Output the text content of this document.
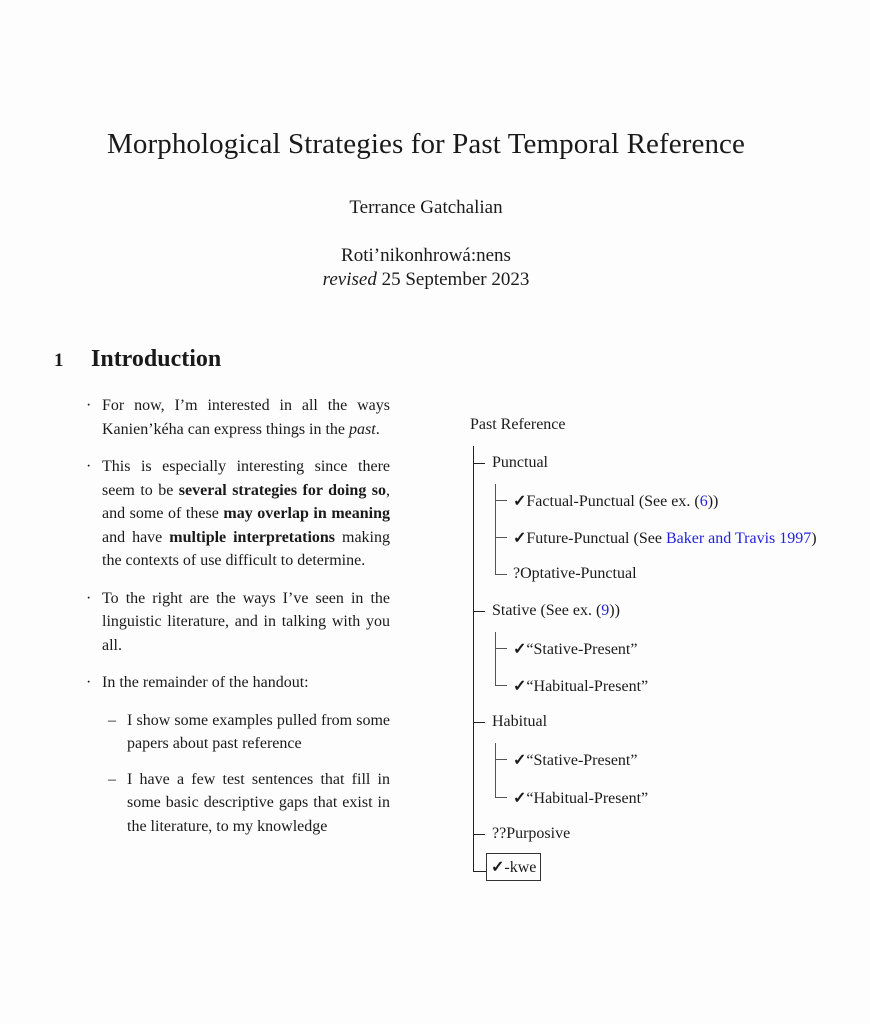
Morphological Strategies for Past Temporal Reference
Terrance Gatchalian
Roti’nikonhrowá:nens
revised 25 September 2023
1 Introduction
· For now, I’m interested in all the ways Kanien’kéha can express things in the past.
· This is especially interesting since there seem to be several strategies for doing so, and some of these may overlap in meaning and have multiple interpretations making the contexts of use difficult to determine.
· To the right are the ways I’ve seen in the linguistic literature, and in talking with you all.
· In the remainder of the handout:
– I show some examples pulled from some papers about past reference
– I have a few test sentences that fill in some basic descriptive gaps that exist in the literature, to my knowledge
Past Reference
Punctual
✓Factual-Punctual (See ex. (6))
✓Future-Punctual (See Baker and Travis 1997)
?Optative-Punctual
Stative (See ex. (9))
✓“Stative-Present”
✓“Habitual-Present”
Habitual
✓“Stative-Present”
✓“Habitual-Present”
??Purposive
✓-kwe
